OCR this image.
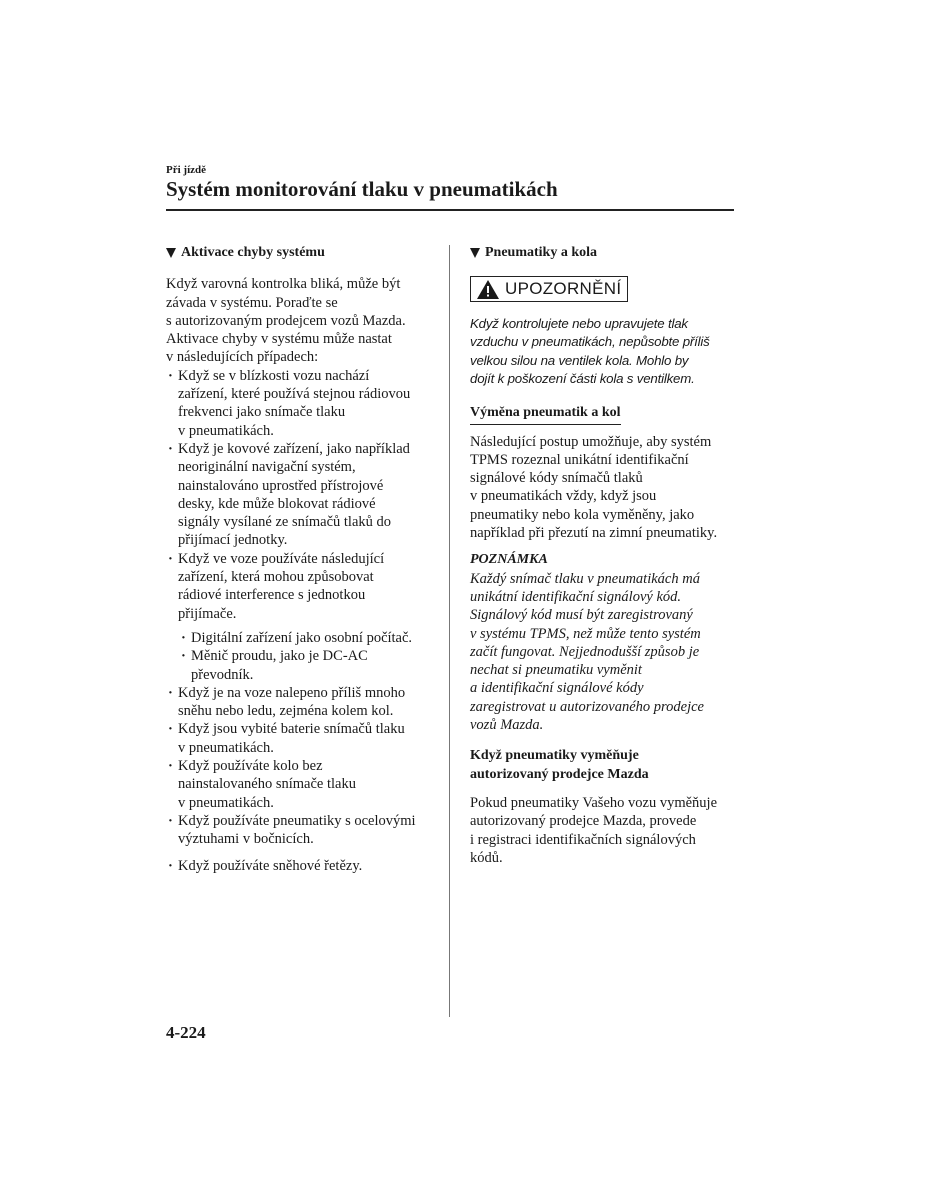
Při jízdě
Systém monitorování tlaku v pneumatikách
Aktivace chyby systému

Když varovná kontrolka bliká, může být
závada v systému. Poraďte se
s autorizovaným prodejcem vozů Mazda.
Aktivace chyby v systému může nastat
v následujících případech:

· Když se v blízkosti vozu nachází
zařízení, které používá stejnou rádiovou
frekvenci jako snímače tlaku
v pneumatikách.
· Když je kovové zařízení, jako například
neoriginální navigační systém,
nainstalováno uprostřed přístrojové
desky, kde může blokovat rádiové
signály vysílané ze snímačů tlaků do
přijímací jednotky.
· Když ve voze používáte následující
zařízení, která mohou způsobovat
rádiové interference s jednotkou
přijímače.
· Digitální zařízení jako osobní počítač.
· Měnič proudu, jako je DC-AC
převodník.
· Když je na voze nalepeno příliš mnoho
sněhu nebo ledu, zejména kolem kol.
· Když jsou vybité baterie snímačů tlaku
v pneumatikách.
· Když používáte kolo bez
nainstalovaného snímače tlaku
v pneumatikách.
· Když používáte pneumatiky s ocelovými
výztuhami v bočnicích.
· Když používáte sněhové řetězy.
Pneumatiky a kola
UPOZORNĚNÍ

Když kontrolujete nebo upravujete tlak
vzduchu v pneumatikách, nepůsobte příliš
velkou silou na ventilek kola. Mohlo by
dojít k poškození části kola s ventilkem.

Výměna pneumatik a kol

Následující postup umožňuje, aby systém
TPMS rozeznal unikátní identifikační
signálové kódy snímačů tlaků
v pneumatikách vždy, když jsou
pneumatiky nebo kola vyměněny, jako
například při přezutí na zimní pneumatiky.

POZNÁMKA

Každý snímač tlaku v pneumatikách má
unikátní identifikační signálový kód.
Signálový kód musí být zaregistrovaný
v systému TPMS, než může tento systém
začít fungovat. Nejjednodušší způsob je
nechat si pneumatiku vyměnit
a identifikační signálové kódy
zaregistrovat u autorizovaného prodejce
vozů Mazda.

Když pneumatiky vyměňuje
autorizovaný prodejce Mazda

Pokud pneumatiky Vašeho vozu vyměňuje
autorizovaný prodejce Mazda, provede
i registraci identifikačních signálových
kódů.

4-224
